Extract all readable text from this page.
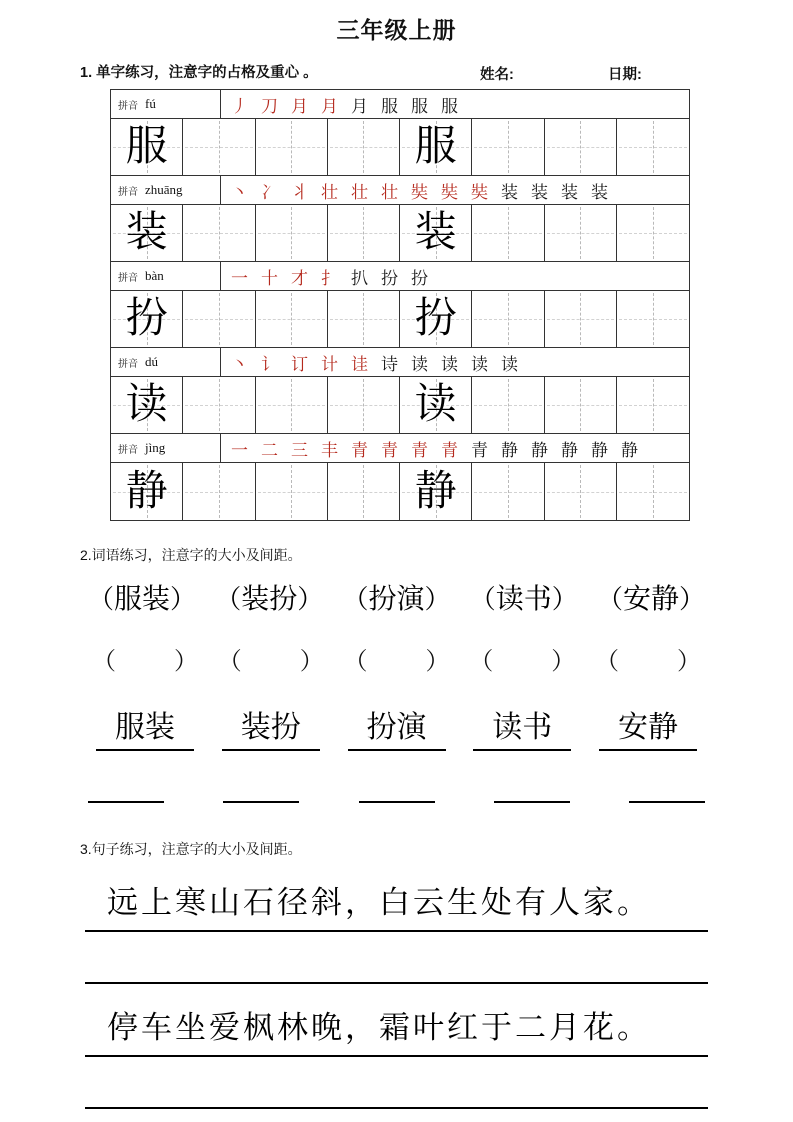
三年级上册
1. 单字练习，注意字的占格及重心 。	姓名:	日期:
拼音 fú	丿 刀 月 月 月 服 服 服
服	服
拼音 zhuāng	丶 冫 丬 壮 壮 壮 奘 奘 奘 装 装 装 装
装	装
拼音 bàn	一 十 才 扌 扒 扮 扮
扮	扮
拼音 dú	丶 讠 订 计 诖 诗 读 读 读 读
读	读
拼音 jìng	一 二 三 丰 青 青 青 青 青 静 静 静 静 静
静	静
2.词语练习，注意字的大小及间距。
（服装） （装扮） （扮演） （读书） （安静）
（ ） （ ） （ ） （ ） （ ）
服装	装扮	扮演	读书	安静
3.句子练习，注意字的大小及间距。
远上寒山石径斜，白云生处有人家。
停车坐爱枫林晚，霜叶红于二月花。
